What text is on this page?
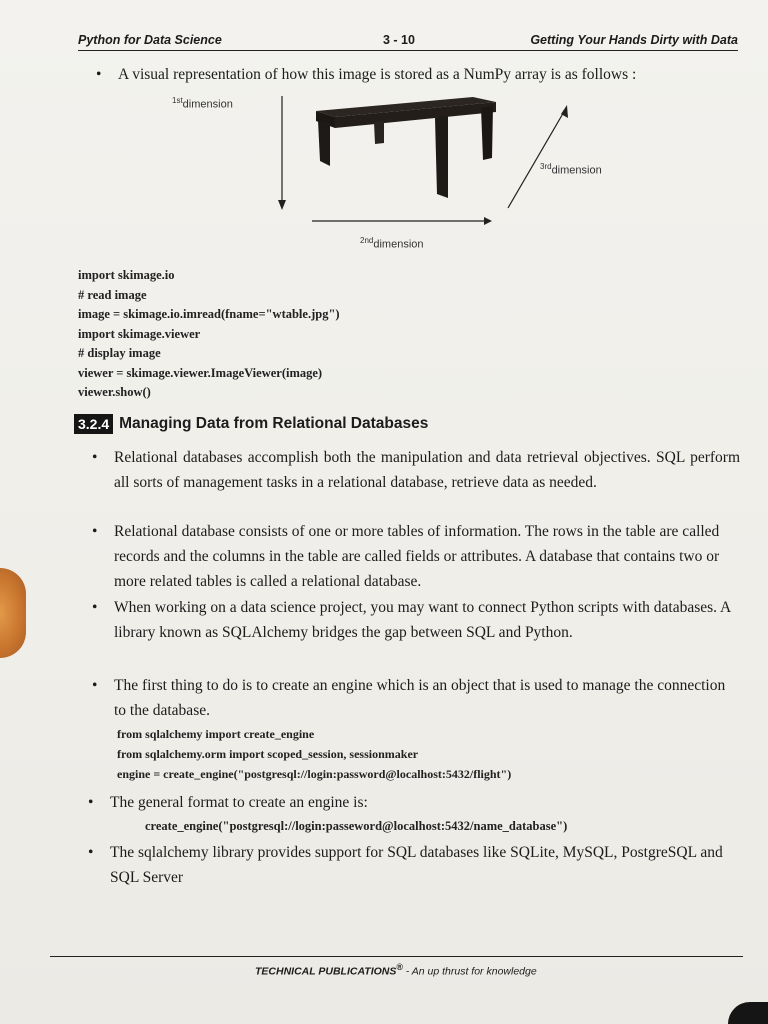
Python for Data Science	3 - 10	Getting Your Hands Dirty with Data
•	A visual representation of how this image is stored as a NumPy array is as follows :
$^{1st}$dimension
$^{3rd}$dimension
$^{2nd}$dimension
import skimage.io
# read image
image = skimage.io.imread(fname="wtable.jpg")
import skimage.viewer
# display image
viewer = skimage.viewer.ImageViewer(image)
viewer.show()
3.2.4 Managing Data from Relational Databases
•	Relational databases accomplish both the manipulation and data retrieval objectives. SQL perform all sorts of management tasks in a relational database, retrieve data as needed.
•	Relational database consists of one or more tables of information. The rows in the table are called records and the columns in the table are called fields or attributes. A database that contains two or more related tables is called a relational database.
•	When working on a data science project, you may want to connect Python scripts with databases. A library known as SQLAlchemy bridges the gap between SQL and Python.
•	The first thing to do is to create an engine which is an object that is used to manage the connection to the database.
from sqlalchemy import create_engine
from sqlalchemy.orm import scoped_session, sessionmaker
engine = create_engine("postgresql://login:password@localhost:5432/flight")
•	The general format to create an engine is:
create_engine("postgresql://login:passeword@localhost:5432/name_database")
•	The sqlalchemy library provides support for SQL databases like SQLite, MySQL, PostgreSQL and SQL Server
TECHNICAL PUBLICATIONS® - An up thrust for knowledge
